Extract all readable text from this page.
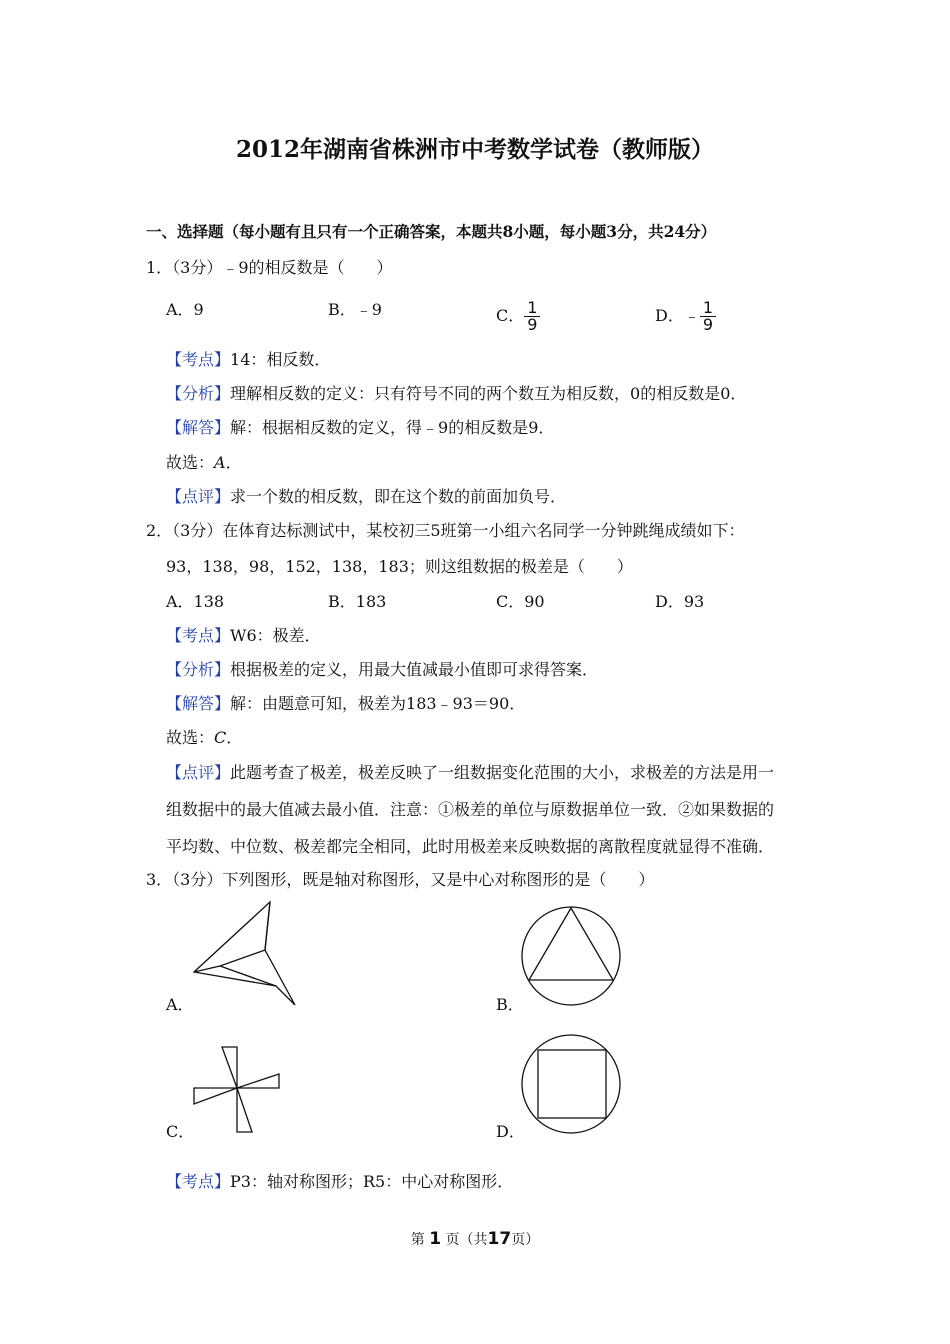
2012年湖南省株洲市中考数学试卷（教师版）
一、选择题（每小题有且只有一个正确答案，本题共8小题，每小题3分，共24分）
1．（3分）﹣9的相反数是（　　）
A．9	B．﹣9	C． $\frac{1}{9}$	D．﹣ $\frac{1}{9}$
【考点】14：相反数．
【分析】理解相反数的定义：只有符号不同的两个数互为相反数，0的相反数是0．
【解答】解：根据相反数的定义，得﹣9的相反数是9．
故选：A．
【点评】求一个数的相反数，即在这个数的前面加负号．
2．（3分）在体育达标测试中，某校初三5班第一小组六名同学一分钟跳绳成绩如下：
93，138，98，152，138，183；则这组数据的极差是（　　）
A．138	B．183	C．90	D．93
【考点】W6：极差．
【分析】根据极差的定义，用最大值减最小值即可求得答案．
【解答】解：由题意可知，极差为183﹣93＝90．
故选：C．
【点评】此题考查了极差，极差反映了一组数据变化范围的大小，求极差的方法是用一
组数据中的最大值减去最小值．注意：①极差的单位与原数据单位一致．②如果数据的
平均数、中位数、极差都完全相同，此时用极差来反映数据的离散程度就显得不准确．
3．（3分）下列图形，既是轴对称图形，又是中心对称图形的是（　　）
A．	B．
C．	D．
【考点】P3：轴对称图形；R5：中心对称图形．
第 1 页（共17页）
